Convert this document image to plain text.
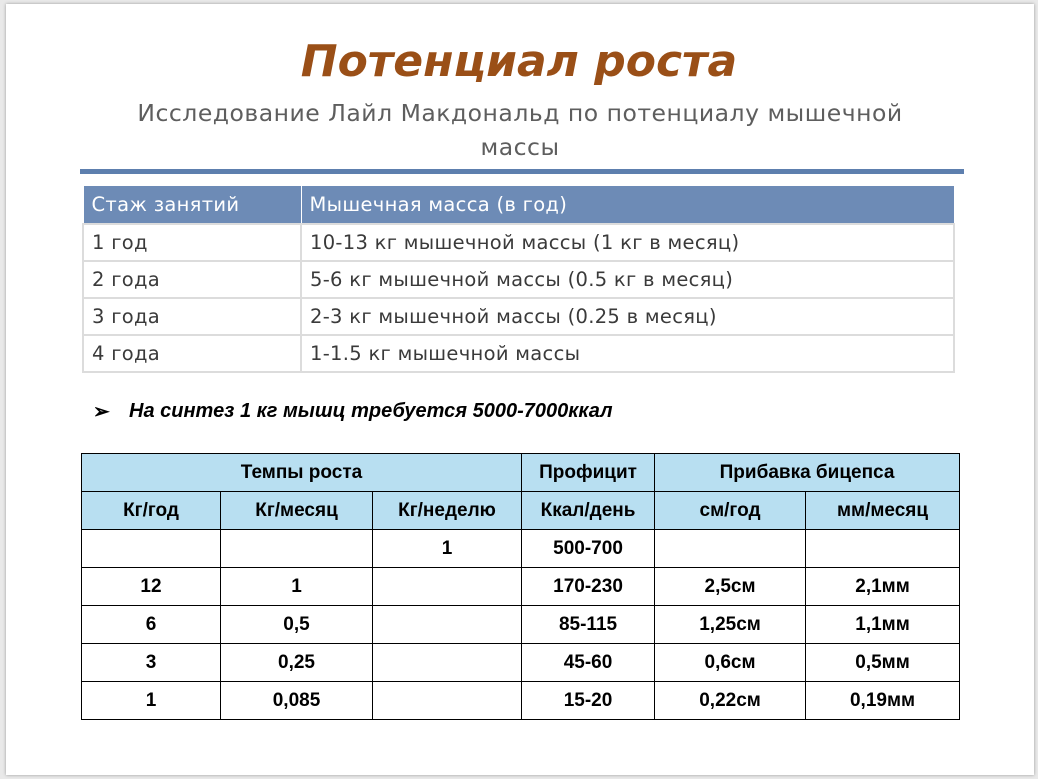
Потенциал роста

Исследование Лайл Макдональд по потенциалу мышечной массы

Стаж занятий	Мышечная масса (в год)
1 год	10-13 кг мышечной массы (1 кг в месяц)
2 года	5-6 кг мышечной массы (0.5 кг в месяц)
3 года	2-3 кг мышечной массы (0.25 в месяц)
4 года	1-1.5 кг мышечной массы
➢ На синтез 1 кг мышц требуется 5000-7000ккал
Темпы роста			Профицит	Прибавка бицепса	
Кг/год	Кг/месяц	Кг/неделю	Ккал/день	см/год	мм/месяц
		1	500-700		
12	1		170-230	2,5см	2,1мм
6	0,5		85-115	1,25см	1,1мм
3	0,25		45-60	0,6см	0,5мм
1	0,085		15-20	0,22см	0,19мм
